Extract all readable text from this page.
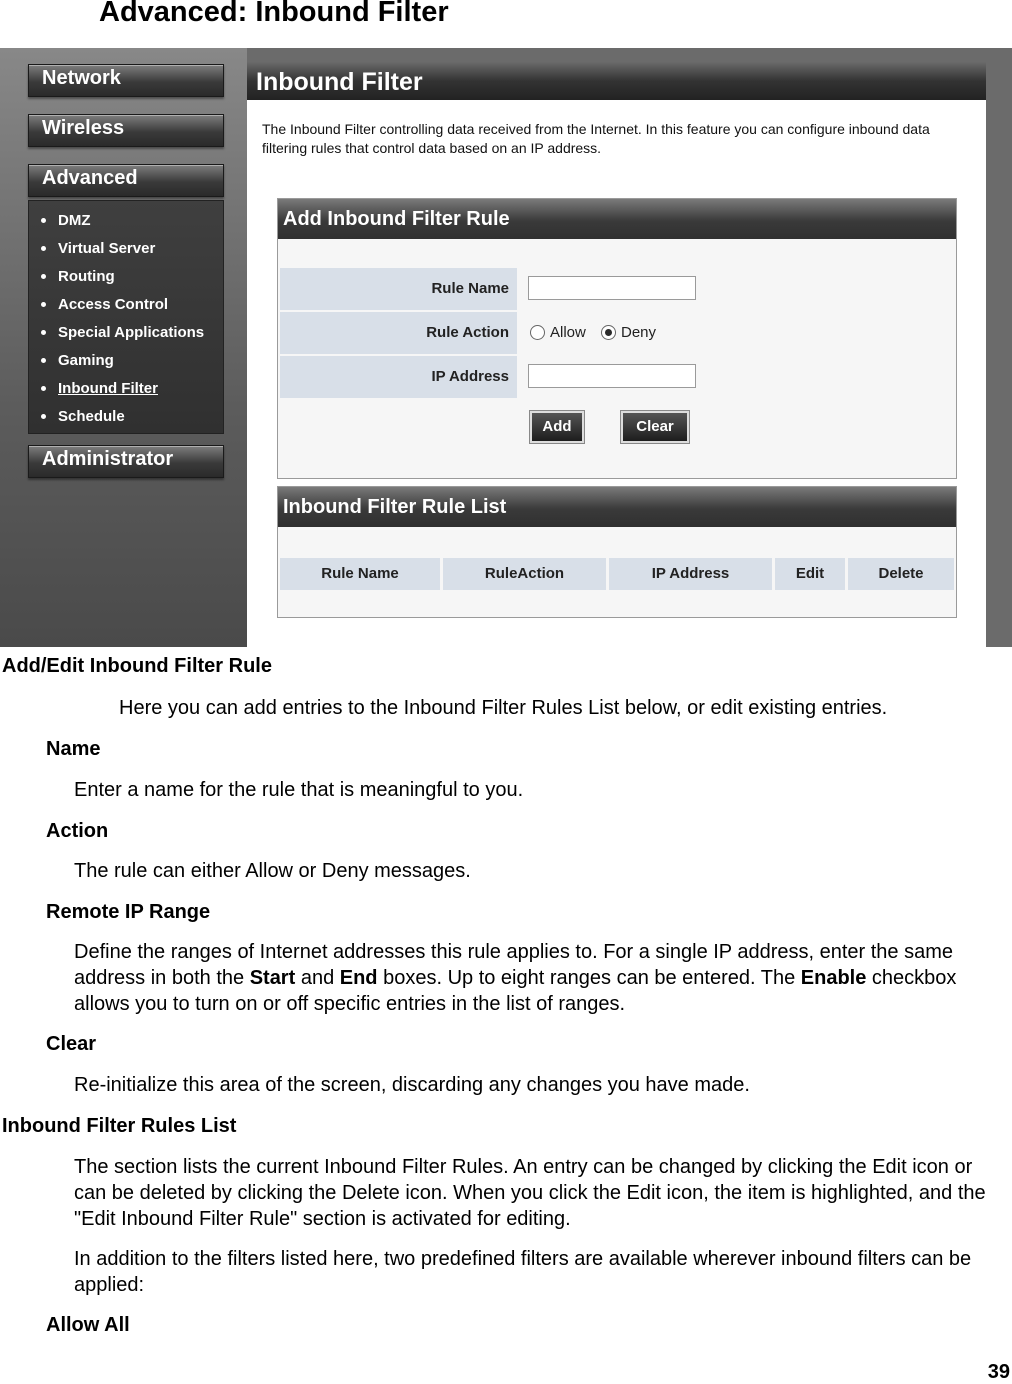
Advanced: Inbound Filter
Network
Wireless
Advanced
DMZ
Virtual Server
Routing
Access Control
Special Applications
Gaming
Inbound Filter
Schedule
Administrator
Inbound Filter
The Inbound Filter controlling data received from the Internet. In this feature you can configure inbound data filtering rules that control data based on an IP address.
Add Inbound Filter Rule
Rule Name
Rule Action	Allow Deny
IP Address
Add	Clear
Inbound Filter Rule List
Rule Name	RuleAction	IP Address	Edit	Delete

Add/Edit Inbound Filter Rule

Here you can add entries to the Inbound Filter Rules List below, or edit existing entries.

Name

Enter a name for the rule that is meaningful to you.

Action

The rule can either Allow or Deny messages.

Remote IP Range

Define the ranges of Internet addresses this rule applies to. For a single IP address, enter the same address in both the Start and End boxes. Up to eight ranges can be entered. The Enable checkbox allows you to turn on or off specific entries in the list of ranges.

Clear

Re-initialize this area of the screen, discarding any changes you have made.

Inbound Filter Rules List

The section lists the current Inbound Filter Rules. An entry can be changed by clicking the Edit icon or can be deleted by clicking the Delete icon. When you click the Edit icon, the item is highlighted, and the "Edit Inbound Filter Rule" section is activated for editing.

In addition to the filters listed here, two predefined filters are available wherever inbound filters can be applied:

Allow All

39
